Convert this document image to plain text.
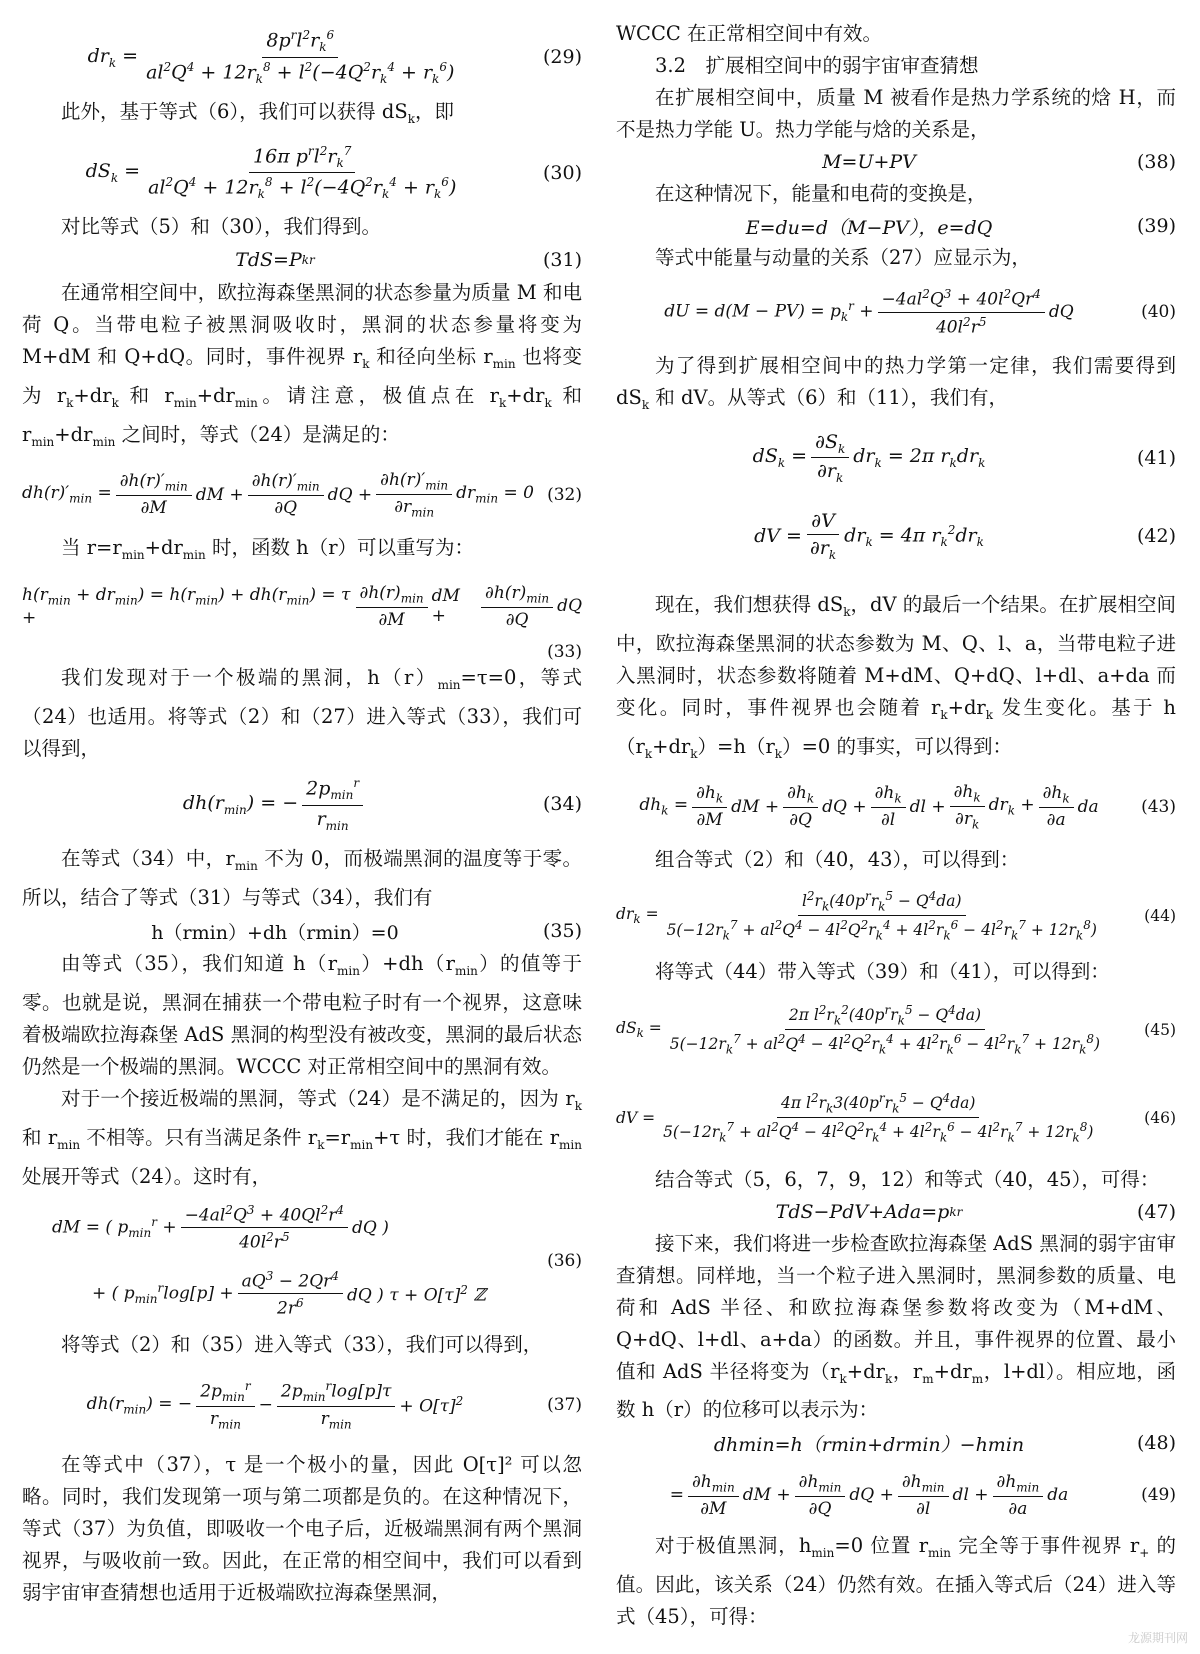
$dr_k = \frac{8p^rl^2r_k^6}{al^2Q^4 + 12r_k^8 + l^2(-4Q^2r_k^4 + r_k^6)}$	(29)

此外，基于等式（6），我们可以获得 $dS_k$，即

$dS_k = \frac{16\pi p^rl^2r_k^7}{al^2Q^4 + 12r_k^8 + l^2(-4Q^2r_k^4 + r_k^6)}$	(30)

对比等式（5）和（30），我们得到。

TdS=P k r	(31)

在通常相空间中，欧拉海森堡黑洞的状态参量为质量 M 和电荷 Q。当带电粒子被黑洞吸收时，黑洞的状态参量将变为 M+dM 和 Q+dQ。同时，事件视界 $r_k$ 和径向坐标 $r_{min}$ 也将变为 $r_k+dr_k$ 和 $r_{min}+dr_{min}$。请注意，极值点在 $r_k+dr_k$ 和 $r_{min}+dr_{min}$ 之间时，等式（24）是满足的：

$dh(r)'_{min} = \frac{\partial h(r)'_{min}}{\partial M}$ dM + $\frac{\partial h(r)'_{min}}{\partial Q}$ dQ + $\frac{\partial h(r)'_{min}}{\partial r_{min}} dr_{min} = 0$ (32)

当 $r=r_{min}+dr_{min}$ 时，函数 h（r）可以重写为：

$h(r_{min} + dr_{min}) = h(r_{min}) + dh(r_{min}) = \tau$ +	$\frac{\partial h(r)_{min}}{\partial M}$ dM +	$\frac{\partial h(r)_{min}}{\partial Q}$ dQ
(33)

我们发现对于一个极端的黑洞，$h(r)_{min}=\tau=0$，等式（24）也适用。将等式（2）和（27）进入等式（33），我们可以得到，

$dh(r_{min})$ = − $\frac{2p_{min}^r}{r_{min}}$	(34)

在等式（34）中，$r_{min}$ 不为 0，而极端黑洞的温度等于零。所以，结合了等式（31）与等式（34），我们有

h（rmin）+dh（rmin）=0	(35)

由等式（35），我们知道 $h(r_{min})+dh(r_{min})$的值等于零。也就是说，黑洞在捕获一个带电粒子时有一个视界，这意味着极端欧拉海森堡 AdS 黑洞的构型没有被改变，黑洞的最后状态仍然是一个极端的黑洞。WCCC 对正常相空间中的黑洞有效。

对于一个接近极端的黑洞，等式（24）是不满足的，因为 $r_k$ 和 $r_{min}$ 不相等。只有当满足条件 $r_k=r_{min}+\tau$ 时，我们才能在 $r_{min}$ 处展开等式（24）。这时有，

dM = ( $p_{min}^r + \frac{-4al^2Q^3 + 40Ql^2r^4}{40l^2r^5}$ dQ )
+ ( $p_{min}^r\log[p] + \frac{aQ^3 - 2Qr^4}{2r^6}$ dQ ) $\tau + O[\tau]^2$ ℤ
(36)

将等式（2）和（35）进入等式（33），我们可以得到，

$dh(r_{min})$ = − $\frac{2p_{min}^r}{r_{min}} - \frac{2p_{min}^r\log[p]\tau}{r_{min}} + O[\tau]^2$	(37)

在等式中（37），τ 是一个极小的量，因此 O[τ]² 可以忽略。同时，我们发现第一项与第二项都是负的。在这种情况下，等式（37）为负值，即吸收一个电子后，近极端黑洞有两个黑洞视界，与吸收前一致。因此，在正常的相空间中，我们可以看到弱宇宙审查猜想也适用于近极端欧拉海森堡黑洞，

WCCC 在正常相空间中有效。

3.2　扩展相空间中的弱宇宙审查猜想

在扩展相空间中，质量 M 被看作是热力学系统的焓 H，而不是热力学能 U。热力学能与焓的关系是，

M=U+PV	(38)

在这种情况下，能量和电荷的变换是，

E=du=d（M−PV），e=dQ	(39)

等式中能量与动量的关系（27）应显示为，

dU = $d(M - PV) = p_k^r + \frac{-4al^2Q^3 + 40l^2Qr^4}{40l^2r^5}$ dQ	(40)

为了得到扩展相空间中的热力学第一定律，我们需要得到 $dS_k$ 和 dV。从等式（6）和（11），我们有，

$dS_k = \frac{\partial S_k}{\partial r_k} dr_k = 2\pi$ $r_kdr_k$	(41)
dV = $\frac{\partial V}{\partial r_k} dr_k = 4\pi$ $r_k^2dr_k$	(42)

现在，我们想获得 $dS_k$，dV 的最后一个结果。在扩展相空间中，欧拉海森堡黑洞的状态参数为 M、Q、l、a，当带电粒子进入黑洞时，状态参数将随着 M+dM、Q+dQ、l+dl、a+da 而变化。同时，事件视界也会随着 $r_k+dr_k$ 发生变化。基于 $h(r_k+dr_k)=h(r_k)=0$ 的事实，可以得到：

$dh_k = \frac{\partial h_k}{\partial M}$ dM + $\frac{\partial h_k}{\partial Q}$ dQ + $\frac{\partial h_k}{\partial l}$ dl + $\frac{\partial h_k}{\partial r_k} dr_k + \frac{\partial h_k}{\partial a}$ da	(43)

组合等式（2）和（40，43），可以得到：

$dr_k = \frac{l^2r_k(40p^rr_k^5 - Q^4da)}{5(-12r_k^7 + al^2Q^4 - 4l^2Q^2r_k^4 + 4l^2r_k^6 - 4l^2r_k^7 + 12r_k^8)}$	(44)

将等式（44）带入等式（39）和（41），可以得到：

$dS_k = \frac{2\pi l^2r_k^2(40p^rr_k^5 - Q^4da)}{5(-12r_k^7 + al^2Q^4 - 4l^2Q^2r_k^4 + 4l^2r_k^6 - 4l^2r_k^7 + 12r_k^8)}$	(45)
dV = $\frac{4\pi l^2r_k3(40p^rr_k^5 - Q^4da)}{5(-12r_k^7 + al^2Q^4 - 4l^2Q^2r_k^4 + 4l^2r_k^6 - 4l^2r_k^7 + 12r_k^8)}$	(46)

结合等式（5，6，7，9，12）和等式（40，45），可得：

TdS−PdV+Ada=p k r	(47)

接下来，我们将进一步检查欧拉海森堡 AdS 黑洞的弱宇宙审查猜想。同样地，当一个粒子进入黑洞时，黑洞参数的质量、电荷和 AdS 半径、和欧拉海森堡参数将改变为（M+dM、Q+dQ、l+dl、a+da）的函数。并且，事件视界的位置、最小值和 AdS 半径将变为（$r_k+dr_k$，$r_m+dr_m$，l+dl）。相应地，函数 h（r）的位移可以表示为：

dhmin=h（rmin+drmin）−hmin	(48)
= $\frac{\partial h_{min}}{\partial M}$ dM + $\frac{\partial h_{min}}{\partial Q}$ dQ + $\frac{\partial h_{min}}{\partial l}$ dl + $\frac{\partial h_{min}}{\partial a}$ da	(49)

对于极值黑洞，$h_{min}=0$ 位置 $r_{min}$ 完全等于事件视界 $r_+$ 的值。因此，该关系（24）仍然有效。在插入等式后（24）进入等式（45），可得：

龙源期刊网
